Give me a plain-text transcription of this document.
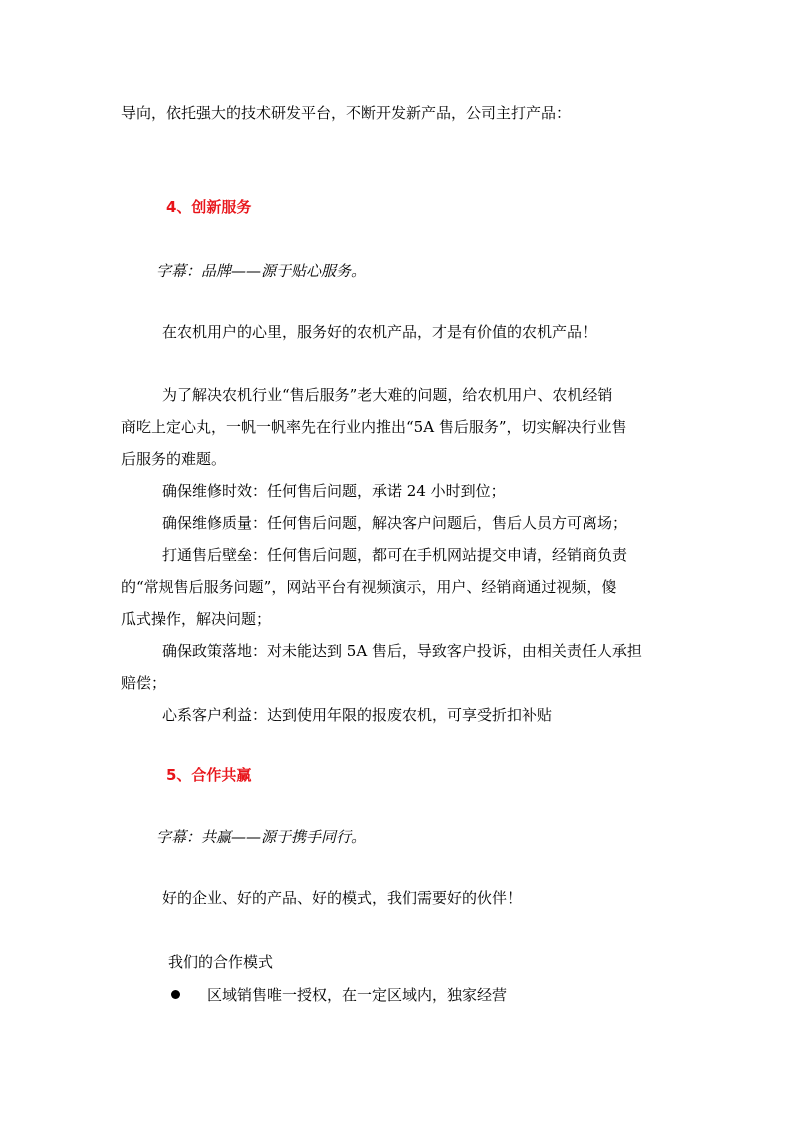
导向，依托强大的技术研发平台，不断开发新产品，公司主打产品：
4、创新服务
字幕：品牌——源于贴心服务。
在农机用户的心里，服务好的农机产品，才是有价值的农机产品！
为了解决农机行业“售后服务”老大难的问题，给农机用户、农机经销
商吃上定心丸，一帆一帆率先在行业内推出“5A 售后服务”，切实解决行业售
后服务的难题。
确保维修时效：任何售后问题，承诺 24 小时到位；
确保维修质量：任何售后问题，解决客户问题后，售后人员方可离场；
打通售后壁垒：任何售后问题，都可在手机网站提交申请，经销商负责
的“常规售后服务问题”，网站平台有视频演示，用户、经销商通过视频，傻
瓜式操作，解决问题；
确保政策落地：对未能达到 5A 售后，导致客户投诉，由相关责任人承担
赔偿；
心系客户利益：达到使用年限的报废农机，可享受折扣补贴
5、合作共赢
字幕：共赢——源于携手同行。
好的企业、好的产品、好的模式，我们需要好的伙伴！
我们的合作模式
区域销售唯一授权，在一定区域内，独家经营
